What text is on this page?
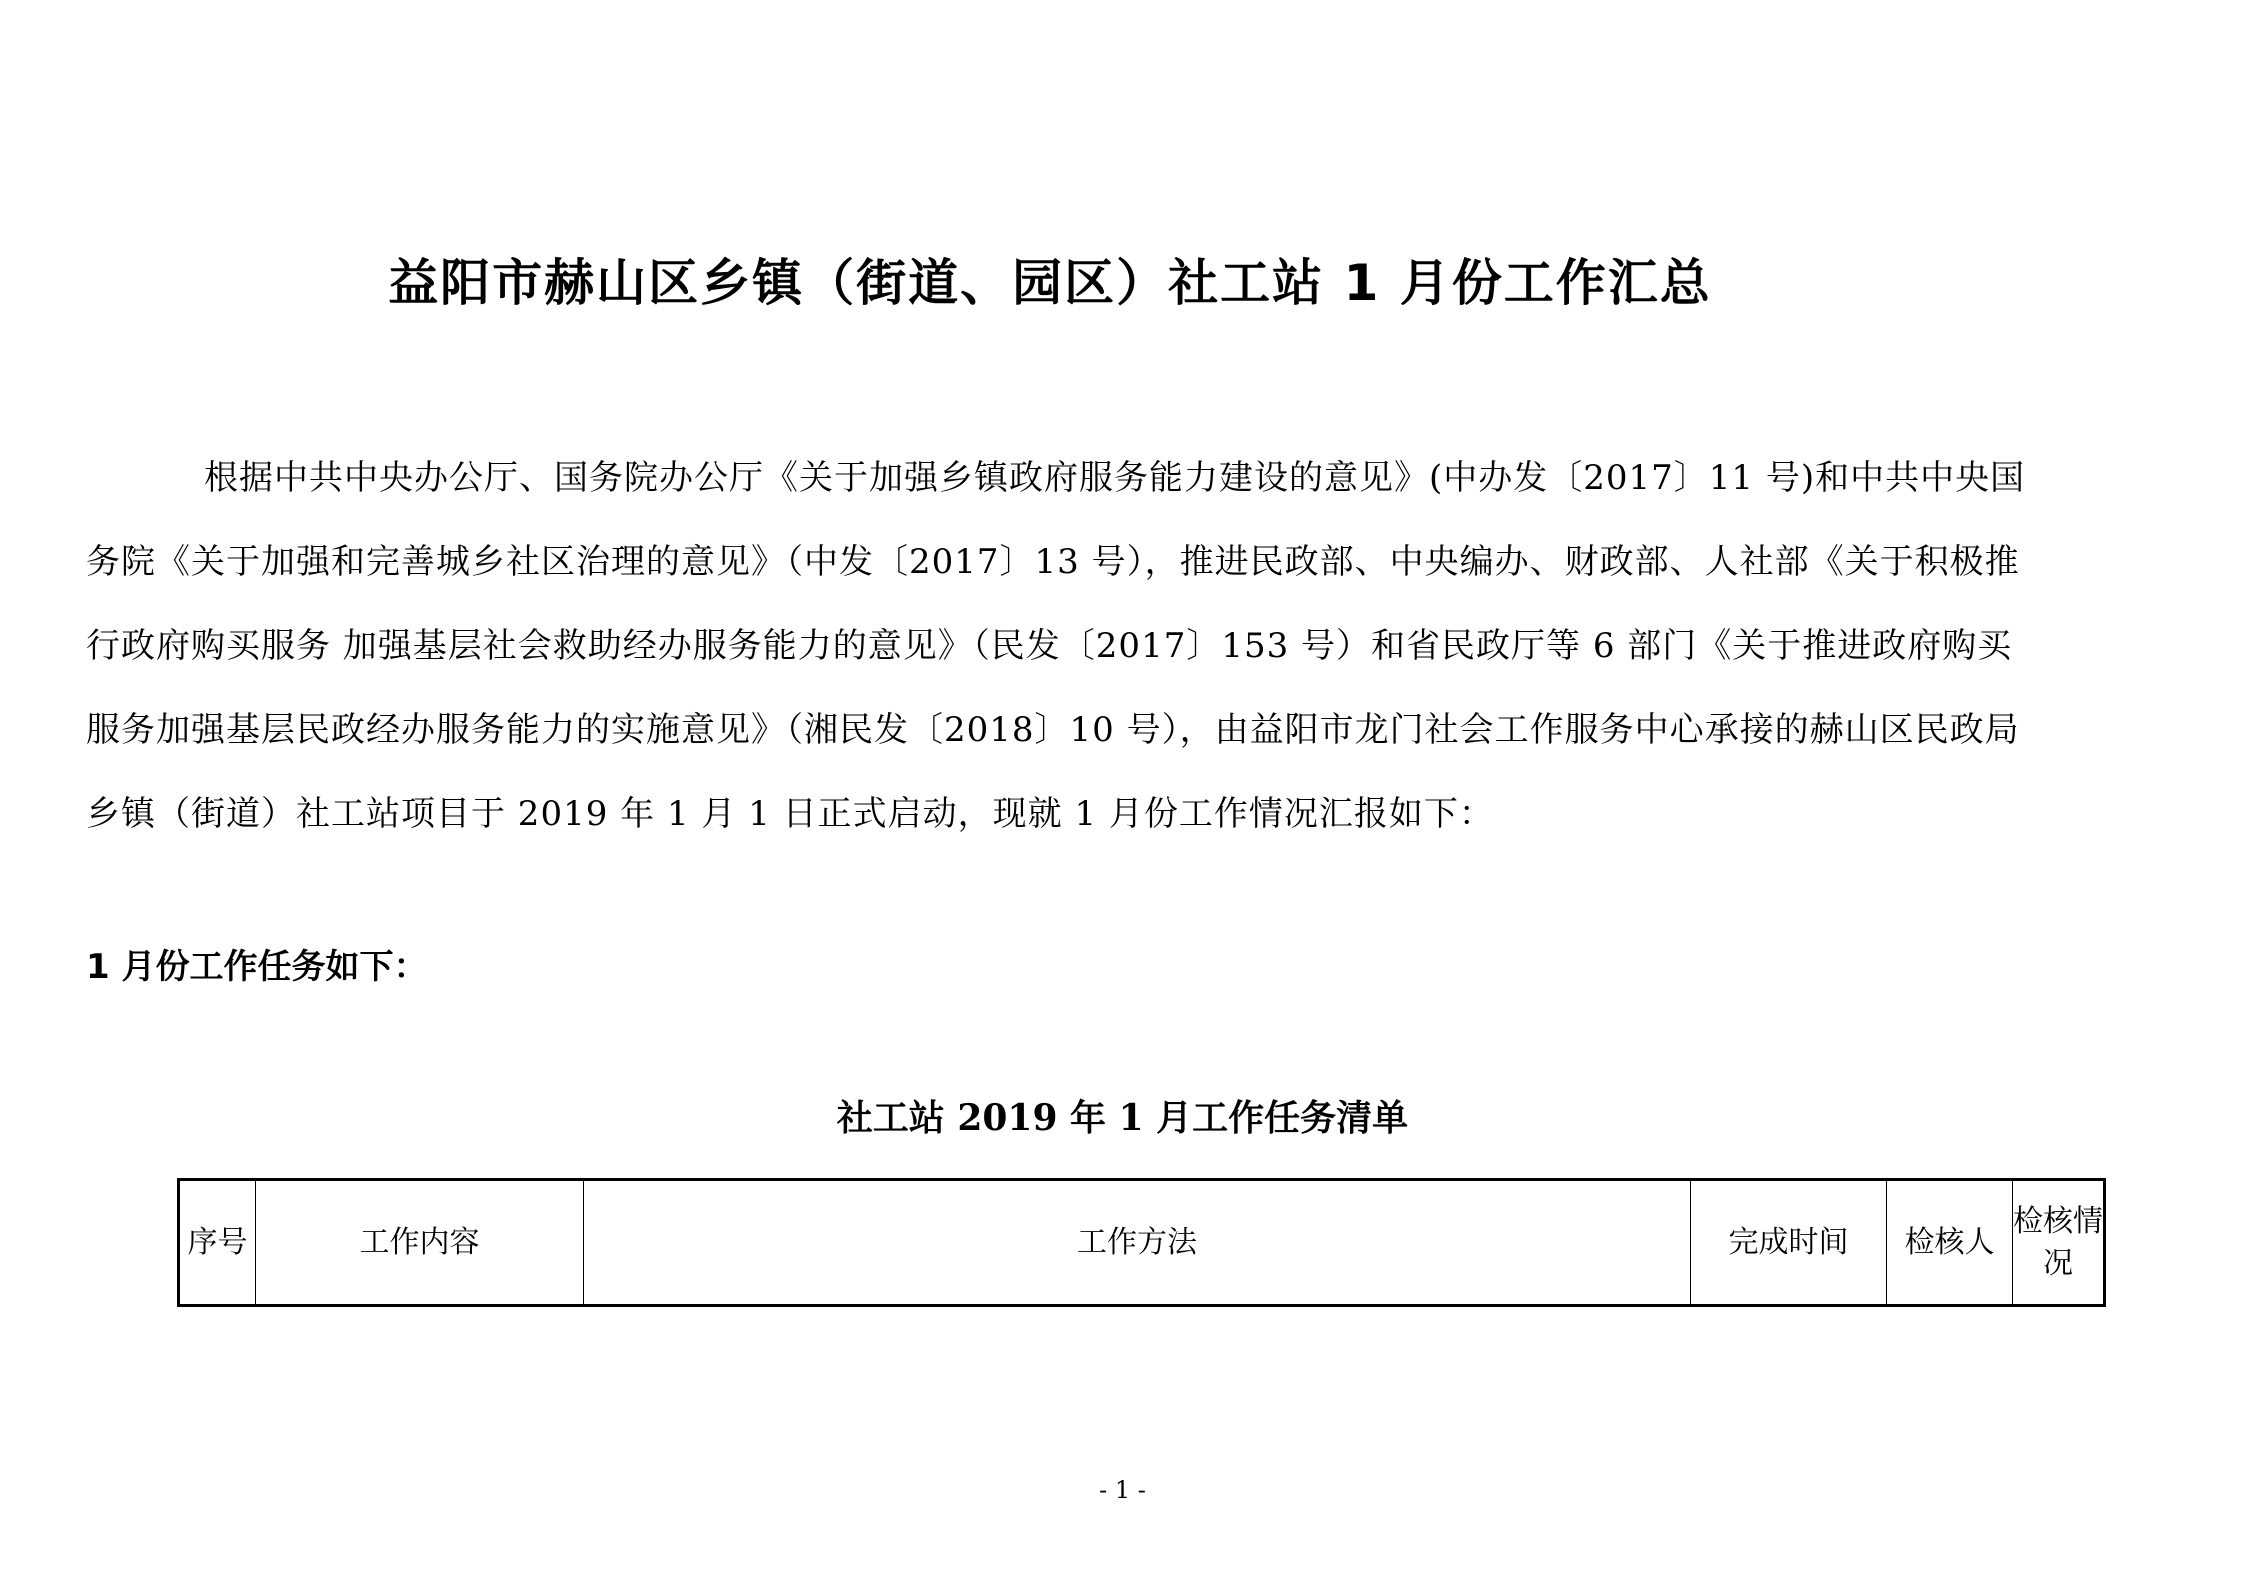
益阳市赫山区乡镇（街道、园区）社工站 1 月份工作汇总

根据中共中央办公厅、国务院办公厅《关于加强乡镇政府服务能力建设的意见》(中办发〔2017〕11 号)和中共中央国务院《关于加强和完善城乡社区治理的意见》（中发〔2017〕13 号），推进民政部、中央编办、财政部、人社部《关于积极推行政府购买服务 加强基层社会救助经办服务能力的意见》（民发〔2017〕153 号）和省民政厅等 6 部门《关于推进政府购买服务加强基层民政经办服务能力的实施意见》（湘民发〔2018〕10 号），由益阳市龙门社会工作服务中心承接的赫山区民政局乡镇（街道）社工站项目于 2019 年 1 月 1 日正式启动，现就 1 月份工作情况汇报如下：

1 月份工作任务如下：
社工站 2019 年 1 月工作任务清单
序号	工作内容	工作方法	完成时间	检核人	检核情况
- 1 -
